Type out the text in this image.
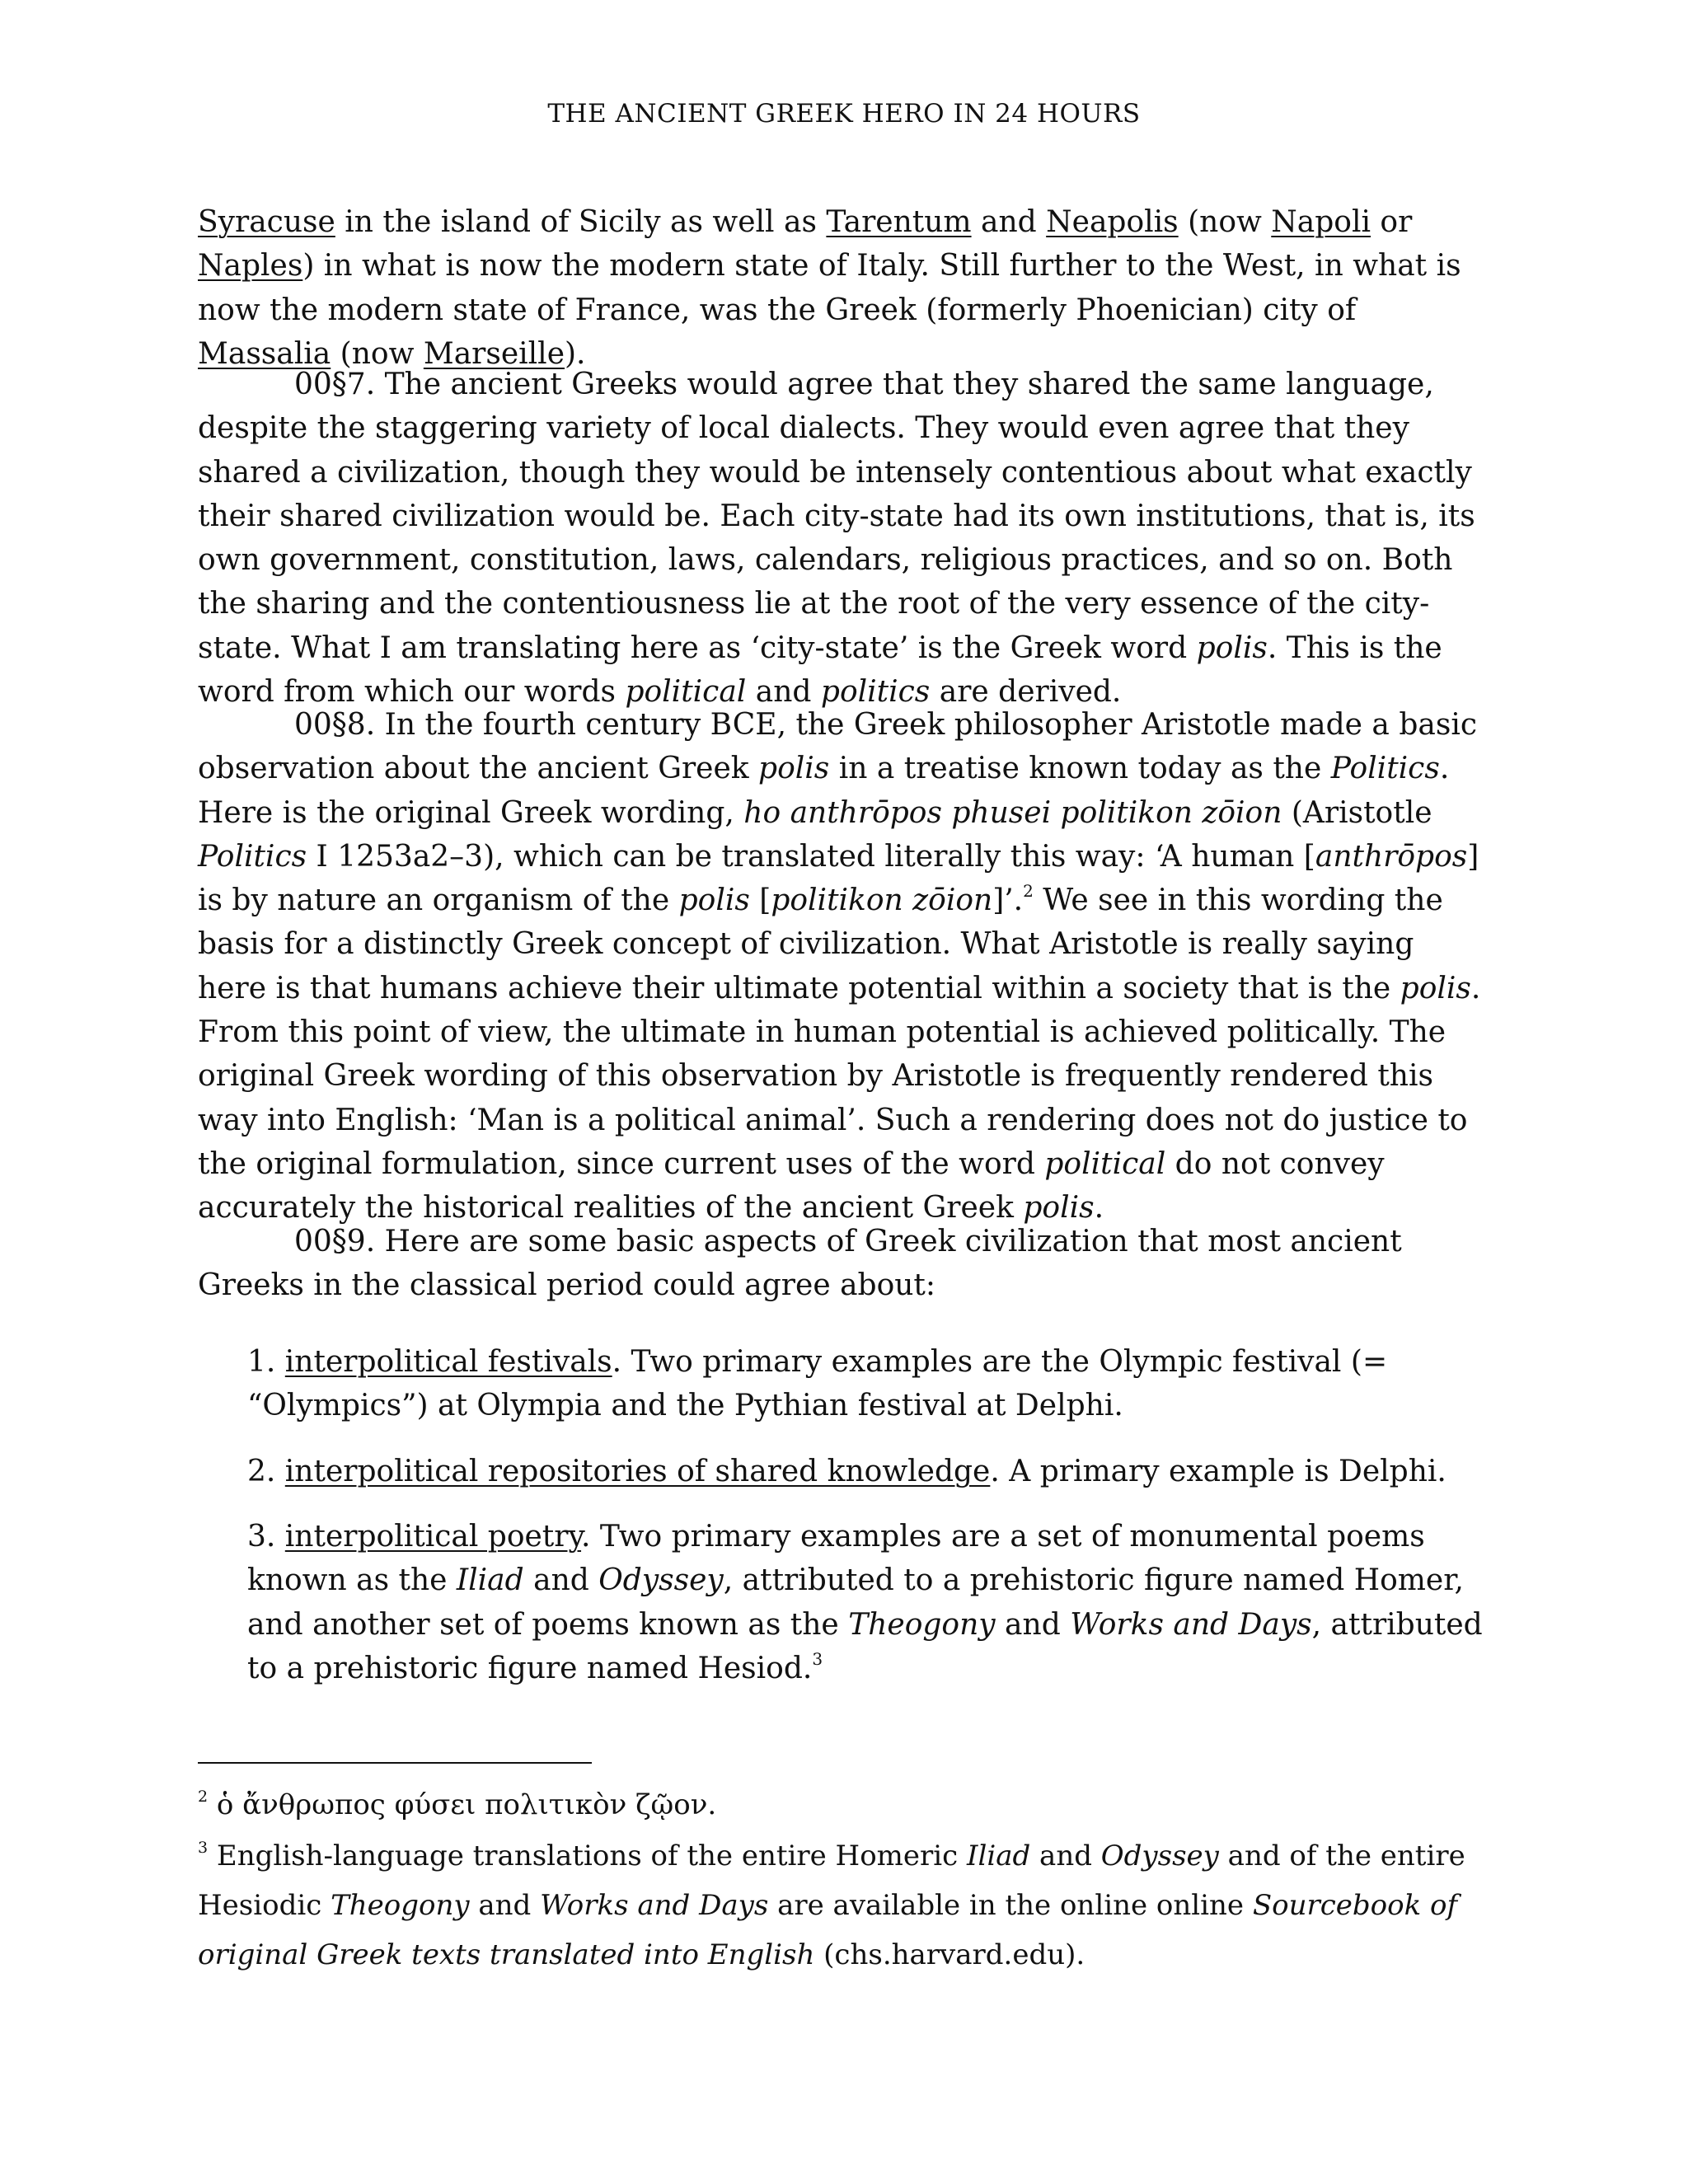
THE ANCIENT GREEK HERO IN 24 HOURS

Syracuse in the island of Sicily as well as Tarentum and Neapolis (now Napoli or Naples) in what is now the modern state of Italy. Still further to the West, in what is now the modern state of France, was the Greek (formerly Phoenician) city of Massalia (now Marseille).

00§7. The ancient Greeks would agree that they shared the same language, despite the staggering variety of local dialects. They would even agree that they shared a civilization, though they would be intensely contentious about what exactly their shared civilization would be. Each city-state had its own institutions, that is, its own government, constitution, laws, calendars, religious practices, and so on. Both the sharing and the contentiousness lie at the root of the very essence of the city-state. What I am translating here as ‘city-state’ is the Greek word polis. This is the word from which our words political and politics are derived.

00§8. In the fourth century BCE, the Greek philosopher Aristotle made a basic observation about the ancient Greek polis in a treatise known today as the Politics. Here is the original Greek wording, ho anthrōpos phusei politikon zōion (Aristotle Politics I 1253a2–3), which can be translated literally this way: ‘A human [anthrōpos] is by nature an organism of the polis [politikon zōion]’.$^2$ We see in this wording the basis for a distinctly Greek concept of civilization. What Aristotle is really saying here is that humans achieve their ultimate potential within a society that is the polis. From this point of view, the ultimate in human potential is achieved politically. The original Greek wording of this observation by Aristotle is frequently rendered this way into English: ‘Man is a political animal’. Such a rendering does not do justice to the original formulation, since current uses of the word political do not convey accurately the historical realities of the ancient Greek polis.

00§9. Here are some basic aspects of Greek civilization that most ancient Greeks in the classical period could agree about:

1. interpolitical festivals. Two primary examples are the Olympic festival (= “Olympics”) at Olympia and the Pythian festival at Delphi.

2. interpolitical repositories of shared knowledge. A primary example is Delphi.

3. interpolitical poetry. Two primary examples are a set of monumental poems known as the Iliad and Odyssey, attributed to a prehistoric figure named Homer, and another set of poems known as the Theogony and Works and Days, attributed to a prehistoric figure named Hesiod.$^3$

$^2$ ὁ ἄνθρωπος φύσει πολιτικὸν ζῷον.

$^3$ English-language translations of the entire Homeric Iliad and Odyssey and of the entire Hesiodic Theogony and Works and Days are available in the online online Sourcebook of original Greek texts translated into English (chs.harvard.edu).
